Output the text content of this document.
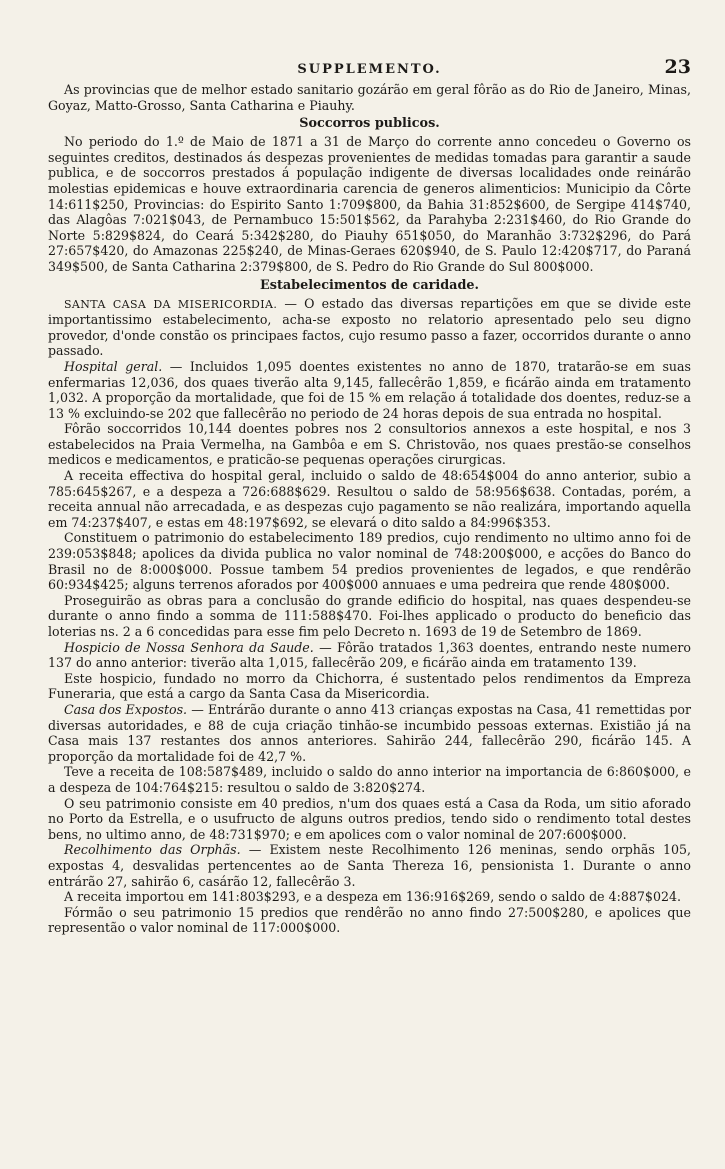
SUPPLEMENTO.	23

As provincias que de melhor estado sanitario gozárão em geral fôrão as do Rio de Janeiro, Minas, Goyaz, Matto-Grosso, Santa Catharina e Piauhy.

Soccorros publicos.

No periodo do 1.º de Maio de 1871 a 31 de Março do corrente anno concedeu o Governo os seguintes creditos, destinados ás despezas provenientes de medidas tomadas para garantir a saude publica, e de soccorros prestados á população indigente de diversas localidades onde reinárão molestias epidemicas e houve extraordinaria carencia de generos alimenticios: Municipio da Côrte 14:611$250, Provincias: do Espirito Santo 1:709$800, da Bahia 31:852$600, de Sergipe 414$740, das Alagôas 7:021$043, de Pernambuco 15:501$562, da Parahyba 2:231$460, do Rio Grande do Norte 5:829$824, do Ceará 5:342$280, do Piauhy 651$050, do Maranhão 3:732$296, do Pará 27:657$420, do Amazonas 225$240, de Minas-Geraes 620$940, de S. Paulo 12:420$717, do Paraná 349$500, de Santa Catharina 2:379$800, de S. Pedro do Rio Grande do Sul 800$000.

Estabelecimentos de caridade.

SANTA CASA DA MISERICORDIA. — O estado das diversas repartições em que se divide este importantissimo estabelecimento, acha-se exposto no relatorio apresentado pelo seu digno provedor, d'onde constão os principaes factos, cujo resumo passo a fazer, occorridos durante o anno passado.

Hospital geral. — Incluidos 1,095 doentes existentes no anno de 1870, tratarão-se em suas enfermarias 12,036, dos quaes tiverão alta 9,145, fallecêrão 1,859, e ficárão ainda em tratamento 1,032. A proporção da mortalidade, que foi de 15 % em relação á totalidade dos doentes, reduz-se a 13 % excluindo-se 202 que fallecêrão no periodo de 24 horas depois de sua entrada no hospital.

Fôrão soccorridos 10,144 doentes pobres nos 2 consultorios annexos a este hospital, e nos 3 estabelecidos na Praia Vermelha, na Gambôa e em S. Christovão, nos quaes prestão-se conselhos medicos e medicamentos, e praticão-se pequenas operações cirurgicas.

A receita effectiva do hospital geral, incluido o saldo de 48:654$004 do anno anterior, subio a 785:645$267, e a despeza a 726:688$629. Resultou o saldo de 58:956$638. Contadas, porém, a receita annual não arrecadada, e as despezas cujo pagamento se não realizára, importando aquella em 74:237$407, e estas em 48:197$692, se elevará o dito saldo a 84:996$353.

Constituem o patrimonio do estabelecimento 189 predios, cujo rendimento no ultimo anno foi de 239:053$848; apolices da divida publica no valor nominal de 748:200$000, e acções do Banco do Brasil no de 8:000$000. Possue tambem 54 predios provenientes de legados, e que rendêrão 60:934$425; alguns terrenos aforados por 400$000 annuaes e uma pedreira que rende 480$000.

Proseguirão as obras para a conclusão do grande edificio do hospital, nas quaes despendeu-se durante o anno findo a somma de 111:588$470. Foi-lhes applicado o producto do beneficio das loterias ns. 2 a 6 concedidas para esse fim pelo Decreto n. 1693 de 19 de Setembro de 1869.

Hospicio de Nossa Senhora da Saude. — Fôrão tratados 1,363 doentes, entrando neste numero 137 do anno anterior: tiverão alta 1,015, fallecêrão 209, e ficárão ainda em tratamento 139.

Este hospicio, fundado no morro da Chichorra, é sustentado pelos rendimentos da Empreza Funeraria, que está a cargo da Santa Casa da Misericordia.

Casa dos Expostos. — Entrárão durante o anno 413 crianças expostas na Casa, 41 remettidas por diversas autoridades, e 88 de cuja criação tinhão-se incumbido pessoas externas. Existião já na Casa mais 137 restantes dos annos anteriores. Sahirão 244, fallecêrão 290, ficárão 145. A proporção da mortalidade foi de 42,7 %.

Teve a receita de 108:587$489, incluido o saldo do anno interior na importancia de 6:860$000, e a despeza de 104:764$215: resultou o saldo de 3:820$274.

O seu patrimonio consiste em 40 predios, n'um dos quaes está a Casa da Roda, um sitio aforado no Porto da Estrella, e o usufructo de alguns outros predios, tendo sido o rendimento total destes bens, no ultimo anno, de 48:731$970; e em apolices com o valor nominal de 207:600$000.

Recolhimento das Orphãs. — Existem neste Recolhimento 126 meninas, sendo orphãs 105, expostas 4, desvalidas pertencentes ao de Santa Thereza 16, pensionista 1. Durante o anno entrárão 27, sahirão 6, casárão 12, fallecêrão 3.

A receita importou em 141:803$293, e a despeza em 136:916$269, sendo o saldo de 4:887$024.

Fórmão o seu patrimonio 15 predios que rendêrão no anno findo 27:500$280, e apolices que representão o valor nominal de 117:000$000.
